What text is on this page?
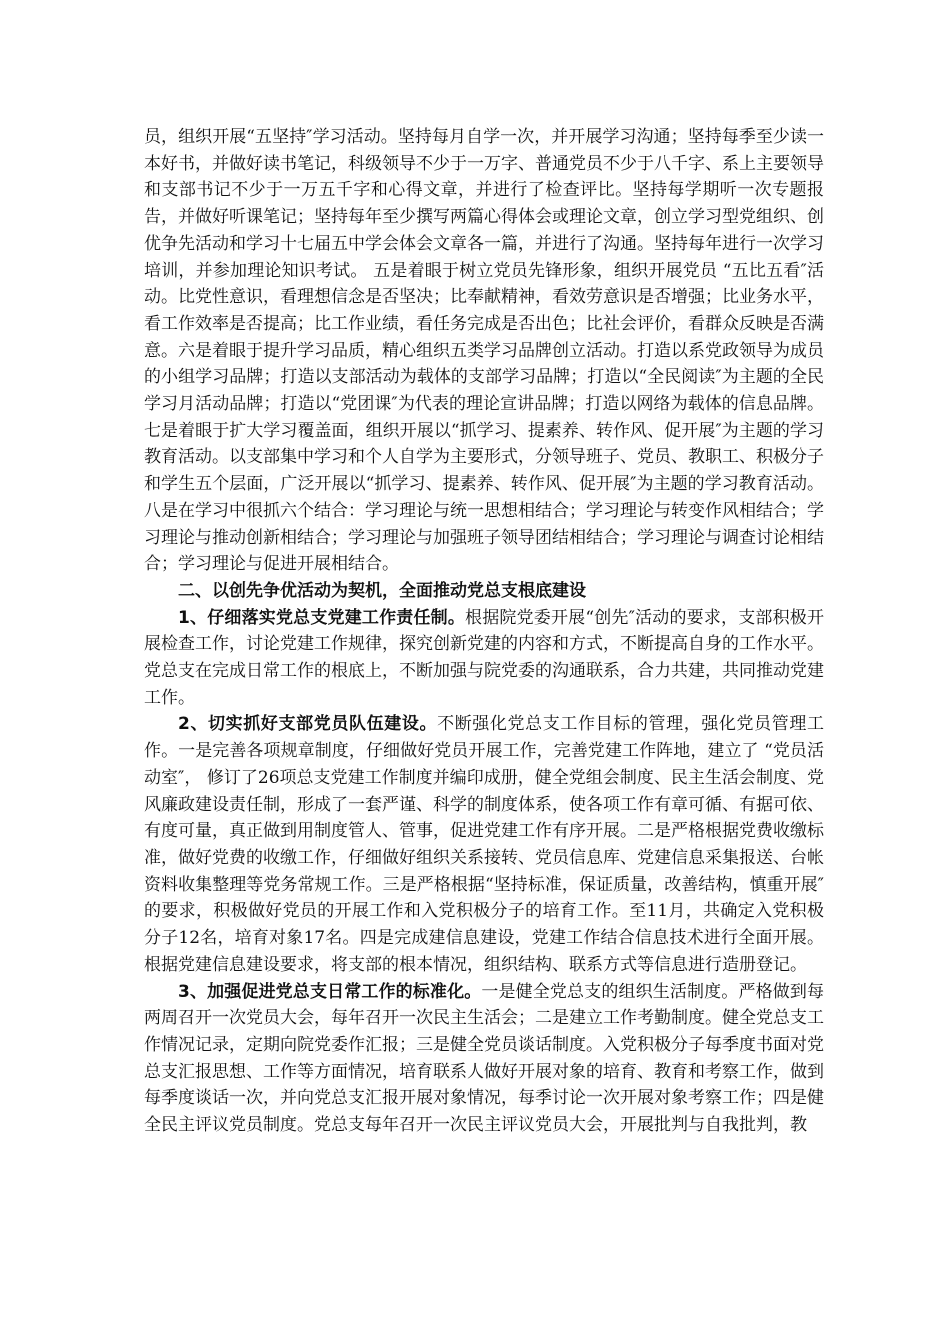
员，组织开展“五坚持″学习活动。坚持每月自学一次，并开展学习沟通；坚持每季至少读一本好书，并做好读书笔记，科级领导不少于一万字、普通党员不少于八千字、系上主要领导和支部书记不少于一万五千字和心得文章，并进行了检查评比。坚持每学期听一次专题报告，并做好听课笔记；坚持每年至少撰写两篇心得体会或理论文章，创立学习型党组织、创优争先活动和学习十七届五中学会体会文章各一篇，并进行了沟通。坚持每年进行一次学习培训，并参加理论知识考试。 五是着眼于树立党员先锋形象，组织开展党员 “五比五看″活动。比党性意识，看理想信念是否坚决；比奉献精神，看效劳意识是否增强；比业务水平，看工作效率是否提高；比工作业绩，看任务完成是否出色；比社会评价，看群众反映是否满意。六是着眼于提升学习品质，精心组织五类学习品牌创立活动。打造以系党政领导为成员的小组学习品牌；打造以支部活动为载体的支部学习品牌；打造以“全民阅读″为主题的全民学习月活动品牌；打造以“党团课″为代表的理论宣讲品牌；打造以网络为载体的信息品牌。七是着眼于扩大学习覆盖面，组织开展以“抓学习、提素养、转作风、促开展″为主题的学习教育活动。以支部集中学习和个人自学为主要形式，分领导班子、党员、教职工、积极分子和学生五个层面，广泛开展以“抓学习、提素养、转作风、促开展″为主题的学习教育活动。八是在学习中很抓六个结合：学习理论与统一思想相结合；学习理论与转变作风相结合；学习理论与推动创新相结合；学习理论与加强班子领导团结相结合；学习理论与调查讨论相结合；学习理论与促进开展相结合。

二、以创先争优活动为契机，全面推动党总支根底建设

1、仔细落实党总支党建工作责任制。根据院党委开展“创先″活动的要求，支部积极开展检查工作，讨论党建工作规律，探究创新党建的内容和方式，不断提高自身的工作水平。党总支在完成日常工作的根底上，不断加强与院党委的沟通联系，合力共建，共同推动党建工作。

2、切实抓好支部党员队伍建设。不断强化党总支工作目标的管理，强化党员管理工作。一是完善各项规章制度，仔细做好党员开展工作，完善党建工作阵地，建立了 “党员活动室″， 修订了26项总支党建工作制度并编印成册，健全党组会制度、民主生活会制度、党风廉政建设责任制，形成了一套严谨、科学的制度体系，使各项工作有章可循、有据可依、有度可量，真正做到用制度管人、管事，促进党建工作有序开展。二是严格根据党费收缴标准，做好党费的收缴工作，仔细做好组织关系接转、党员信息库、党建信息采集报送、台帐资料收集整理等党务常规工作。三是严格根据“坚持标准，保证质量，改善结构，慎重开展″的要求，积极做好党员的开展工作和入党积极分子的培育工作。至11月，共确定入党积极分子12名，培育对象17名。四是完成建信息建设，党建工作结合信息技术进行全面开展。根据党建信息建设要求，将支部的根本情况，组织结构、联系方式等信息进行造册登记。

3、加强促进党总支日常工作的标准化。一是健全党总支的组织生活制度。严格做到每两周召开一次党员大会，每年召开一次民主生活会；二是建立工作考勤制度。健全党总支工作情况记录，定期向院党委作汇报；三是健全党员谈话制度。入党积极分子每季度书面对党总支汇报思想、工作等方面情况，培育联系人做好开展对象的培育、教育和考察工作，做到每季度谈话一次，并向党总支汇报开展对象情况，每季讨论一次开展对象考察工作；四是健全民主评议党员制度。党总支每年召开一次民主评议党员大会，开展批判与自我批判，教
